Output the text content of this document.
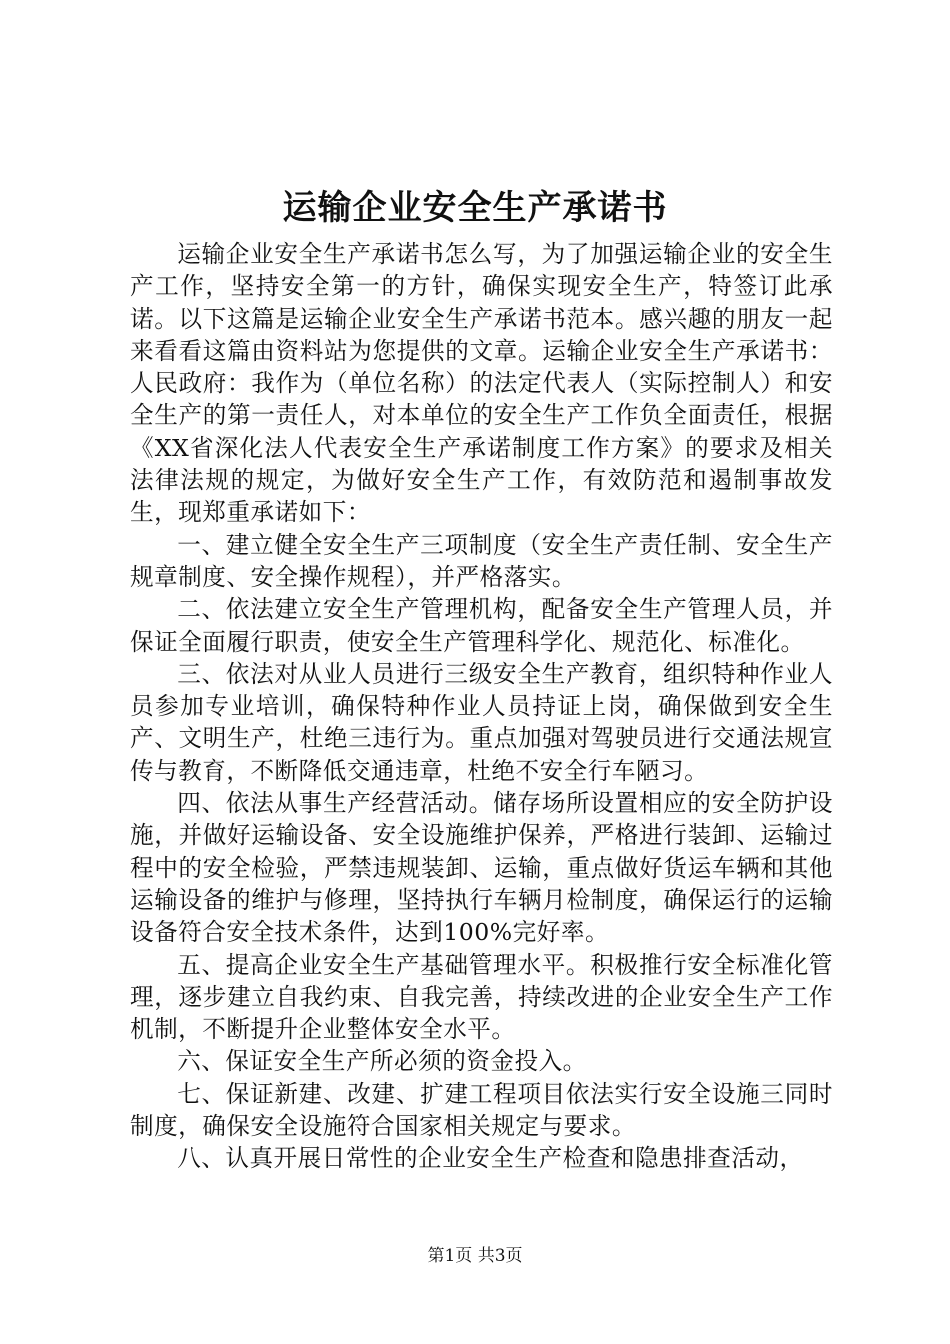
运输企业安全生产承诺书

运输企业安全生产承诺书怎么写，为了加强运输企业的安全生产工作，坚持安全第一的方针，确保实现安全生产，特签订此承诺。以下这篇是运输企业安全生产承诺书范本。感兴趣的朋友一起来看看这篇由资料站为您提供的文章。运输企业安全生产承诺书：人民政府：我作为（单位名称）的法定代表人（实际控制人）和安全生产的第一责任人，对本单位的安全生产工作负全面责任，根据《XX省深化法人代表安全生产承诺制度工作方案》的要求及相关法律法规的规定，为做好安全生产工作，有效防范和遏制事故发生，现郑重承诺如下：

一、建立健全安全生产三项制度（安全生产责任制、安全生产规章制度、安全操作规程），并严格落实。

二、依法建立安全生产管理机构，配备安全生产管理人员，并保证全面履行职责，使安全生产管理科学化、规范化、标准化。

三、依法对从业人员进行三级安全生产教育，组织特种作业人员参加专业培训，确保特种作业人员持证上岗，确保做到安全生产、文明生产，杜绝三违行为。重点加强对驾驶员进行交通法规宣传与教育，不断降低交通违章，杜绝不安全行车陋习。

四、依法从事生产经营活动。储存场所设置相应的安全防护设施，并做好运输设备、安全设施维护保养，严格进行装卸、运输过程中的安全检验，严禁违规装卸、运输，重点做好货运车辆和其他运输设备的维护与修理，坚持执行车辆月检制度，确保运行的运输设备符合安全技术条件，达到100%完好率。

五、提高企业安全生产基础管理水平。积极推行安全标准化管理，逐步建立自我约束、自我完善，持续改进的企业安全生产工作机制，不断提升企业整体安全水平。

六、保证安全生产所必须的资金投入。

七、保证新建、改建、扩建工程项目依法实行安全设施三同时制度，确保安全设施符合国家相关规定与要求。

八、认真开展日常性的企业安全生产检查和隐患排查活动，

第1页 共3页
